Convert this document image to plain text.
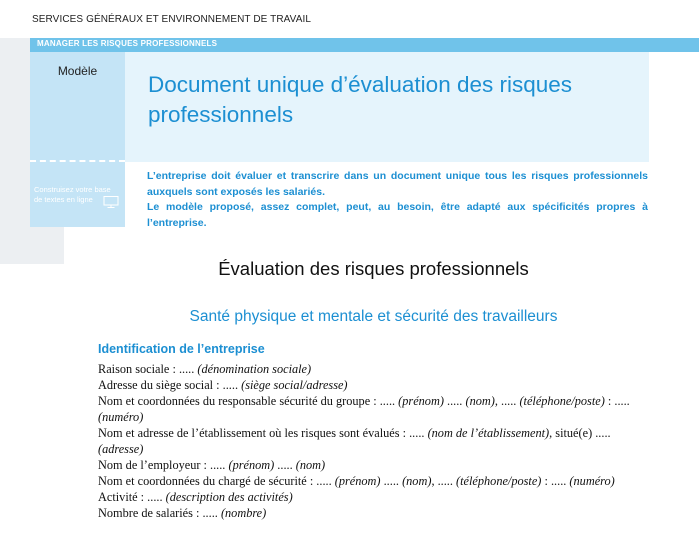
SERVICES GÉNÉRAUX ET ENVIRONNEMENT DE TRAVAIL
MANAGER LES RISQUES PROFESSIONNELS
Modèle
Construisez votre base
de textes en ligne
Document unique d’évaluation des risques professionnels

L’entreprise doit évaluer et transcrire dans un document unique tous les risques professionnels auxquels sont exposés les salariés.

Le modèle proposé, assez complet, peut, au besoin, être adapté aux spécificités propres à l’entreprise.

Évaluation des risques professionnels
Santé physique et mentale et sécurité des travailleurs
Identification de l’entreprise

Raison sociale : ..... (dénomination sociale)

Adresse du siège social : ..... (siège social/adresse)

Nom et coordonnées du responsable sécurité du groupe : ..... (prénom) ..... (nom), ..... (téléphone/poste) : ..... (numéro)

Nom et adresse de l’établissement où les risques sont évalués : ..... (nom de l’établissement), situé(e) ..... (adresse)

Nom de l’employeur : ..... (prénom) ..... (nom)

Nom et coordonnées du chargé de sécurité : ..... (prénom) ..... (nom), ..... (téléphone/poste) : ..... (numéro)

Activité : ..... (description des activités)

Nombre de salariés : ..... (nombre)
